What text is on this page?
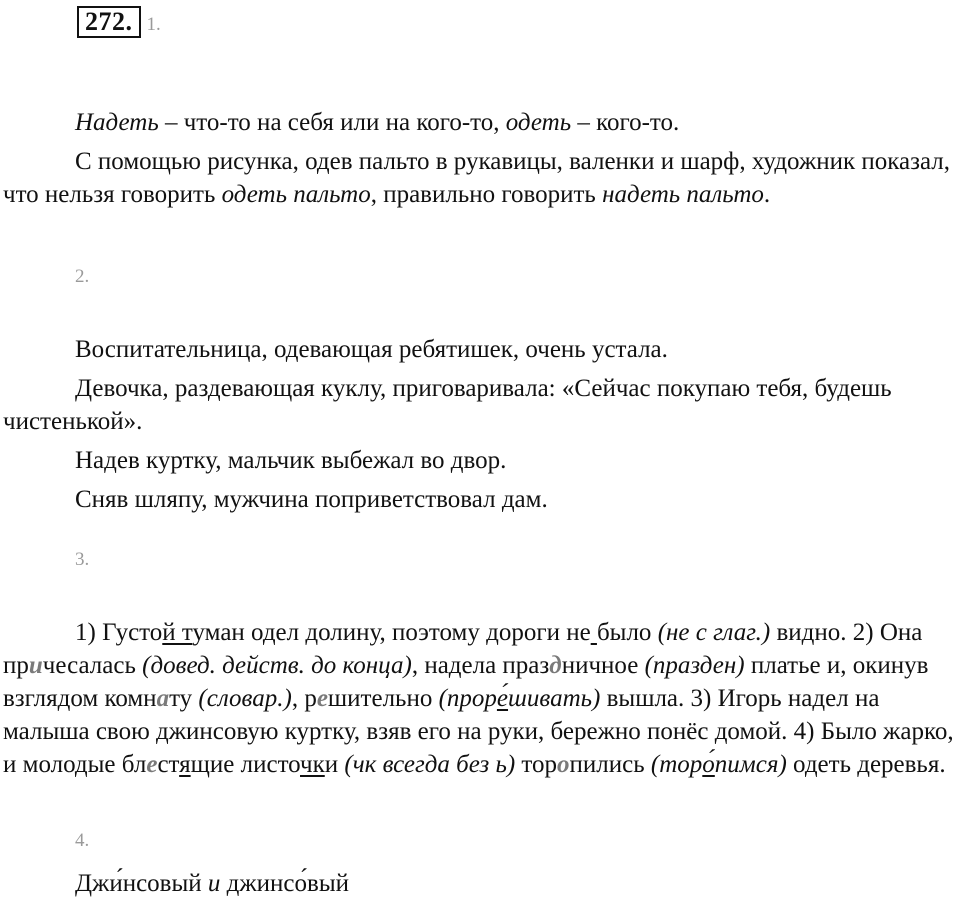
272. 1.

Надеть – что-то на себя или на кого-то, одеть – кого-то.

С помощью рисунка, одев пальто в рукавицы, валенки и шарф, художник показал, что нельзя говорить одеть пальто, правильно говорить надеть пальто.

2.

Воспитательница, одевающая ребятишек, очень устала.

Девочка, раздевающая куклу, приговаривала: «Сейчас покупаю тебя, будешь чистенькой».

Надев куртку, мальчик выбежал во двор.

Сняв шляпу, мужчина поприветствовал дам.

3.

1) Густой туман одел долину, поэтому дороги не было (не с глаг.) видно. 2) Она причесалась (довед. действ. до конца), надела праздничное (празден) платье и, окинув взглядом комнату (словар.), решительно (проре́шивать) вышла. 3) Игорь надел на малыша свою джинсовую куртку, взяв его на руки, бережно понёс домой. 4) Было жарко, и молодые блестящие листочки (чк всегда без ь) торопились (торо́пимся) одеть деревья.

4.

Джи́нсовый и джинсо́вый
